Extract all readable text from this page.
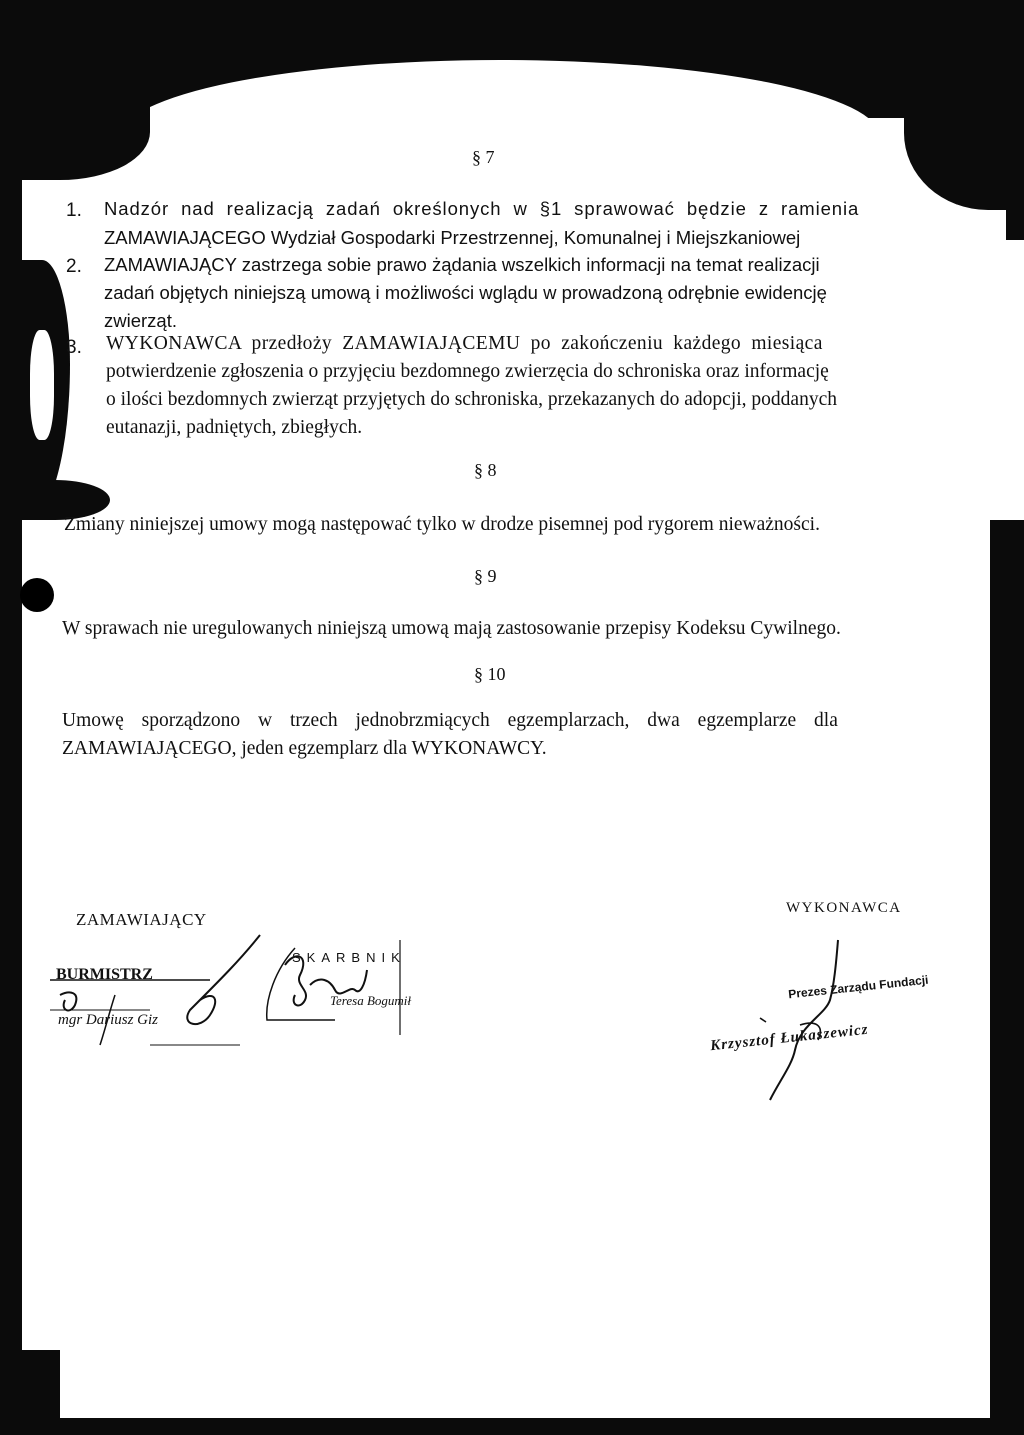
§ 7
1. Nadzór nad realizacją zadań określonych w §1 sprawować będzie z ramienia
ZAMAWIAJĄCEGO Wydział Gospodarki Przestrzennej, Komunalnej i Miejszkaniowej
2. ZAMAWIAJĄCY zastrzega sobie prawo żądania wszelkich informacji na temat realizacji
zadań objętych niniejszą umową i możliwości wglądu w prowadzoną odrębnie ewidencję
zwierząt.
3. WYKONAWCA przedłoży ZAMAWIAJĄCEMU po zakończeniu każdego miesiąca
potwierdzenie zgłoszenia o przyjęciu bezdomnego zwierzęcia do schroniska oraz informację
o ilości bezdomnych zwierząt przyjętych do schroniska, przekazanych do adopcji, poddanych
eutanazji, padniętych, zbiegłych.
§ 8
Zmiany niniejszej umowy mogą następować tylko w drodze pisemnej pod rygorem nieważności.
§ 9
W sprawach nie uregulowanych niniejszą umową mają zastosowanie przepisy Kodeksu Cywilnego.
§ 10
Umowę sporządzono w trzech jednobrzmiących egzemplarzach, dwa egzemplarze dla
ZAMAWIAJĄCEGO, jeden egzemplarz dla WYKONAWCY.
ZAMAWIAJĄCY
WYKONAWCA
BURMISTRZ
mgr Dariusz Giz
SKARBNIK
Teresa Bogumił	Prezes Zarządu Fundacji
Krzysztof Łukaszewicz
